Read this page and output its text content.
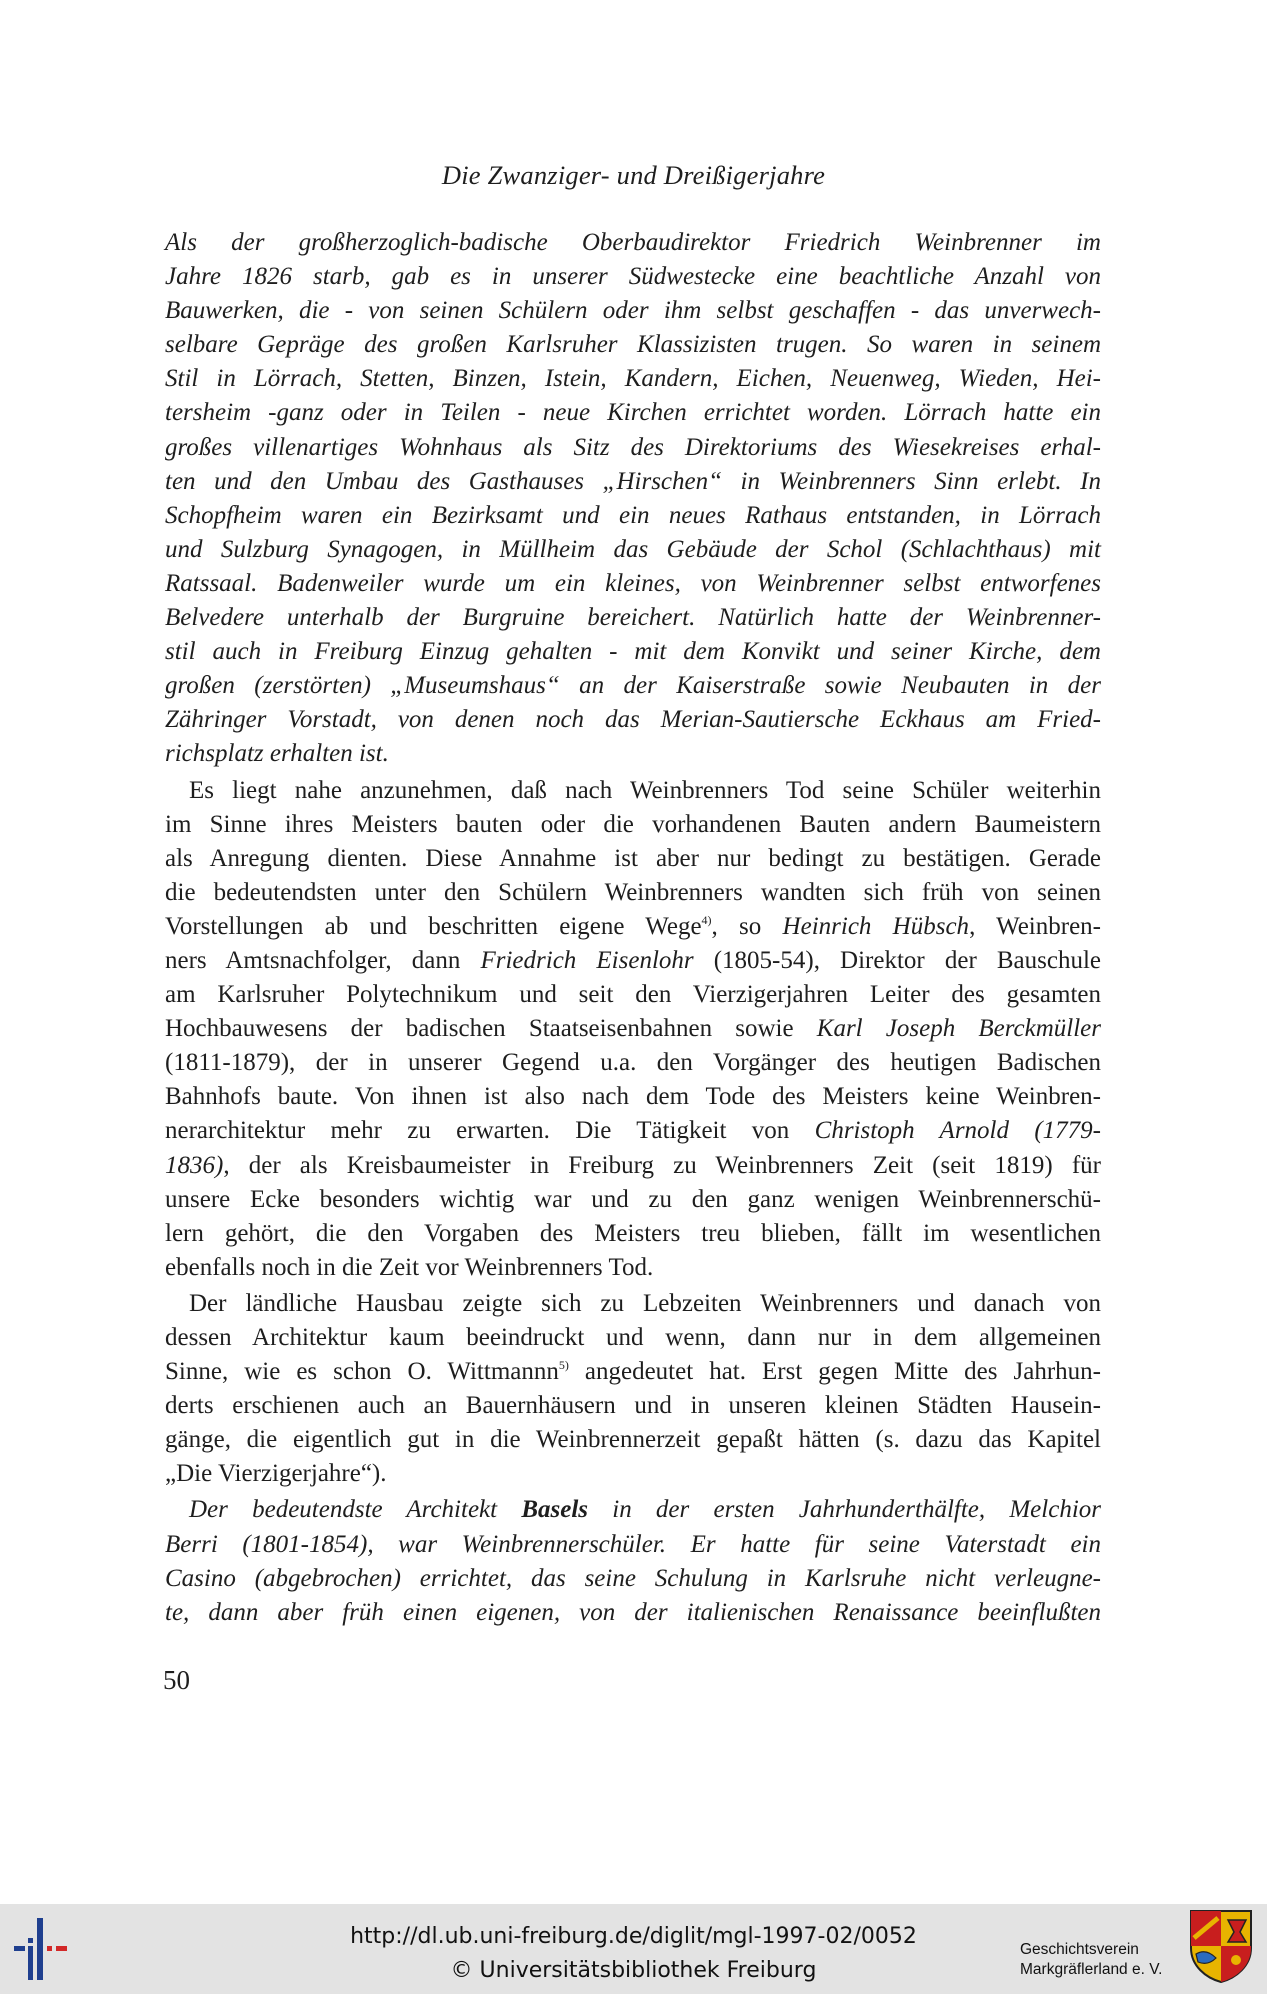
Die Zwanziger- und Dreißigerjahre
Als der großherzoglich-badische Oberbaudirektor Friedrich Weinbrenner im
Jahre 1826 starb, gab es in unserer Südwestecke eine beachtliche Anzahl von
Bauwerken, die - von seinen Schülern oder ihm selbst geschaffen - das unverwech-
selbare Gepräge des großen Karlsruher Klassizisten trugen. So waren in seinem
Stil in Lörrach, Stetten, Binzen, Istein, Kandern, Eichen, Neuenweg, Wieden, Hei-
tersheim -ganz oder in Teilen - neue Kirchen errichtet worden. Lörrach hatte ein
großes villenartiges Wohnhaus als Sitz des Direktoriums des Wiesekreises erhal-
ten und den Umbau des Gasthauses „Hirschen“ in Weinbrenners Sinn erlebt. In
Schopfheim waren ein Bezirksamt und ein neues Rathaus entstanden, in Lörrach
und Sulzburg Synagogen, in Müllheim das Gebäude der Schol (Schlachthaus) mit
Ratssaal. Badenweiler wurde um ein kleines, von Weinbrenner selbst entworfenes
Belvedere unterhalb der Burgruine bereichert. Natürlich hatte der Weinbrenner-
stil auch in Freiburg Einzug gehalten - mit dem Konvikt und seiner Kirche, dem
großen (zerstörten) „Museumshaus“ an der Kaiserstraße sowie Neubauten in der
Zähringer Vorstadt, von denen noch das Merian-Sautiersche Eckhaus am Fried-
richsplatz erhalten ist.
Es liegt nahe anzunehmen, daß nach Weinbrenners Tod seine Schüler weiterhin
im Sinne ihres Meisters bauten oder die vorhandenen Bauten andern Baumeistern
als Anregung dienten. Diese Annahme ist aber nur bedingt zu bestätigen. Gerade
die bedeutendsten unter den Schülern Weinbrenners wandten sich früh von seinen
Vorstellungen ab und beschritten eigene Wege$^{4)}$, so Heinrich Hübsch, Weinbren-
ners Amtsnachfolger, dann Friedrich Eisenlohr (1805-54), Direktor der Bauschule
am Karlsruher Polytechnikum und seit den Vierzigerjahren Leiter des gesamten
Hochbauwesens der badischen Staatseisenbahnen sowie Karl Joseph Berckmüller
(1811-1879), der in unserer Gegend u.a. den Vorgänger des heutigen Badischen
Bahnhofs baute. Von ihnen ist also nach dem Tode des Meisters keine Weinbren-
nerarchitektur mehr zu erwarten. Die Tätigkeit von Christoph Arnold (1779-
1836), der als Kreisbaumeister in Freiburg zu Weinbrenners Zeit (seit 1819) für
unsere Ecke besonders wichtig war und zu den ganz wenigen Weinbrennerschü-
lern gehört, die den Vorgaben des Meisters treu blieben, fällt im wesentlichen
ebenfalls noch in die Zeit vor Weinbrenners Tod.
Der ländliche Hausbau zeigte sich zu Lebzeiten Weinbrenners und danach von
dessen Architektur kaum beeindruckt und wenn, dann nur in dem allgemeinen
Sinne, wie es schon O. Wittmannn$^{5)}$ angedeutet hat. Erst gegen Mitte des Jahrhun-
derts erschienen auch an Bauernhäusern und in unseren kleinen Städten Hausein-
gänge, die eigentlich gut in die Weinbrennerzeit gepaßt hätten (s. dazu das Kapitel
„Die Vierzigerjahre“).
Der bedeutendste Architekt Basels in der ersten Jahrhunderthälfte, Melchior
Berri (1801-1854), war Weinbrennerschüler. Er hatte für seine Vaterstadt ein
Casino (abgebrochen) errichtet, das seine Schulung in Karlsruhe nicht verleugne-
te, dann aber früh einen eigenen, von der italienischen Renaissance beeinflußten
50
http://dl.ub.uni-freiburg.de/diglit/mgl-1997-02/0052
© Universitätsbibliothek Freiburg
Geschichtsverein
Markgräflerland e. V.
